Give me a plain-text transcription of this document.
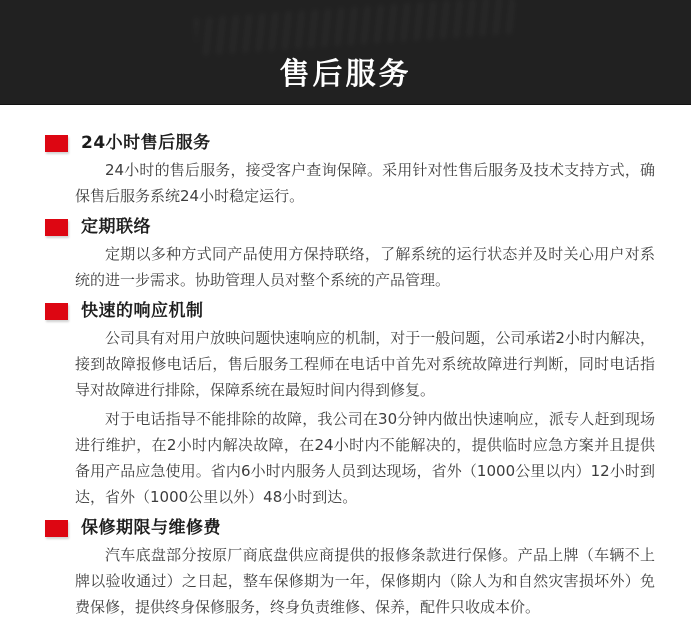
售后服务
24小时售后服务

24小时的售后服务，接受客户查询保障。采用针对性售后服务及技术支持方式，确保售后服务系统24小时稳定运行。

定期联络

定期以多种方式同产品使用方保持联络，了解系统的运行状态并及时关心用户对系统的进一步需求。协助管理人员对整个系统的产品管理。

快速的响应机制

公司具有对用户放映问题快速响应的机制，对于一般问题，公司承诺2小时内解决，接到故障报修电话后，售后服务工程师在电话中首先对系统故障进行判断，同时电话指导对故障进行排除，保障系统在最短时间内得到修复。

对于电话指导不能排除的故障，我公司在30分钟内做出快速响应，派专人赶到现场进行维护，在2小时内解决故障，在24小时内不能解决的，提供临时应急方案并且提供备用产品应急使用。省内6小时内服务人员到达现场，省外（1000公里以内）12小时到达，省外（1000公里以外）48小时到达。

保修期限与维修费

汽车底盘部分按原厂商底盘供应商提供的报修条款进行保修。产品上牌（车辆不上牌以验收通过）之日起，整车保修期为一年，保修期内（除人为和自然灾害损坏外）免费保修，提供终身保修服务，终身负责维修、保养，配件只收成本价。
